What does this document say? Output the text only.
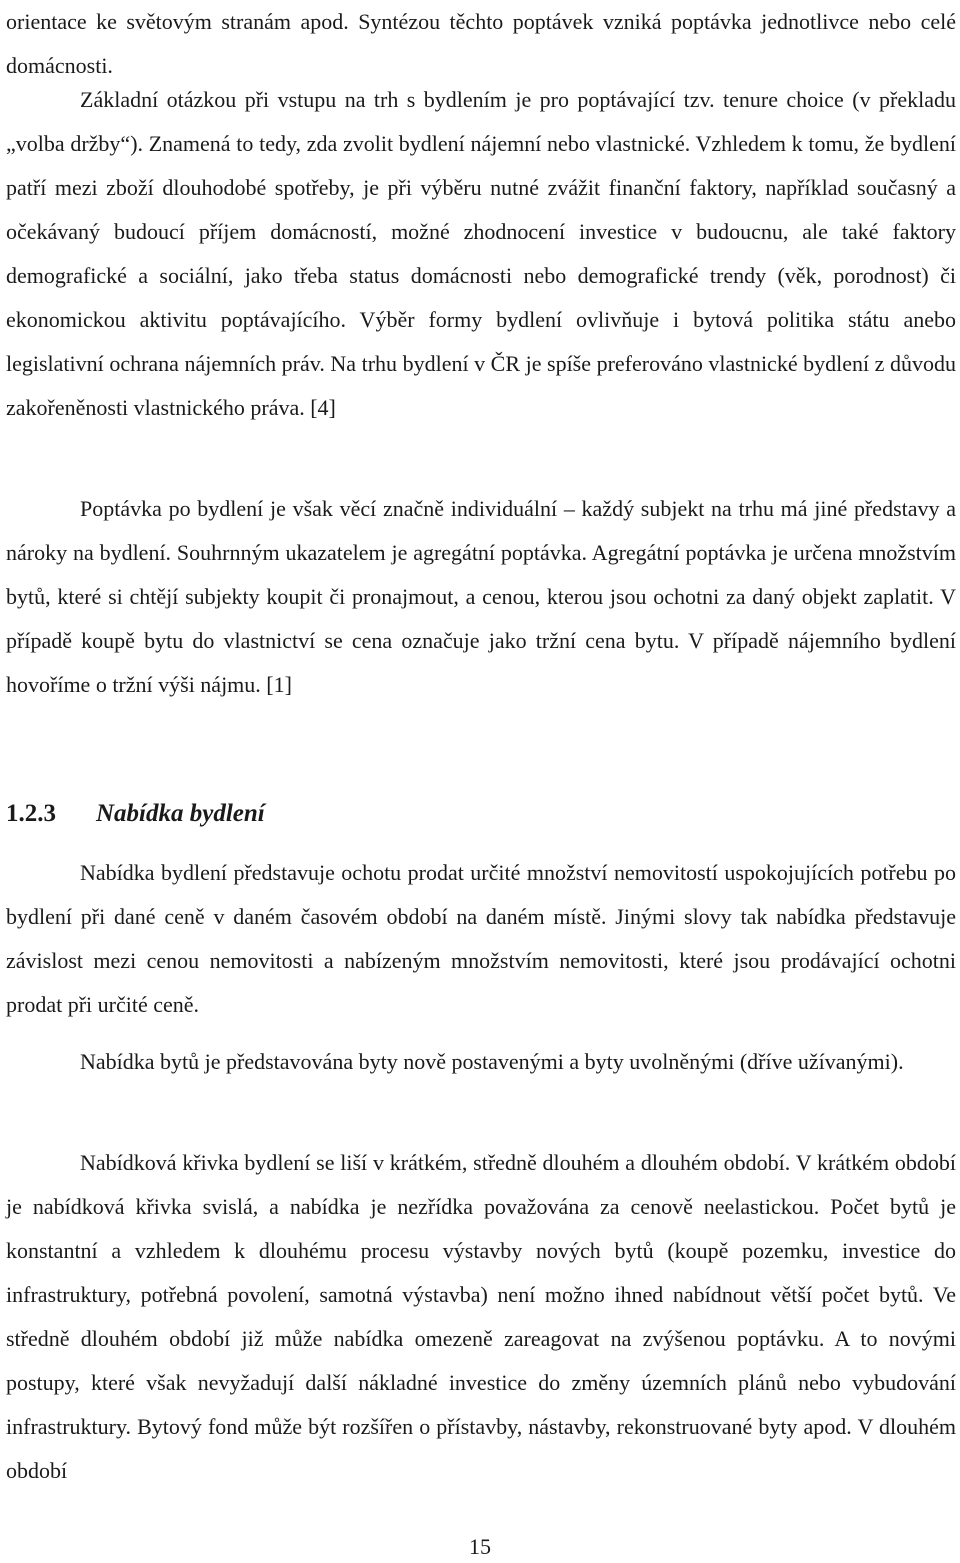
orientace ke světovým stranám apod. Syntézou těchto poptávek vzniká poptávka jednotlivce nebo celé domácnosti.

Základní otázkou při vstupu na trh s bydlením je pro poptávající tzv. tenure choice (v překladu „volba držby“). Znamená to tedy, zda zvolit bydlení nájemní nebo vlastnické. Vzhledem k tomu, že bydlení patří mezi zboží dlouhodobé spotřeby, je při výběru nutné zvážit finanční faktory, například současný a očekávaný budoucí příjem domácností, možné zhodnocení investice v budoucnu, ale také faktory demografické a sociální, jako třeba status domácnosti nebo demografické trendy (věk, porodnost) či ekonomickou aktivitu poptávajícího. Výběr formy bydlení ovlivňuje i bytová politika státu anebo legislativní ochrana nájemních práv. Na trhu bydlení v ČR je spíše preferováno vlastnické bydlení z důvodu zakořeněnosti vlastnického práva. [4]

Poptávka po bydlení je však věcí značně individuální – každý subjekt na trhu má jiné představy a nároky na bydlení. Souhrnným ukazatelem je agregátní poptávka. Agregátní poptávka je určena množstvím bytů, které si chtějí subjekty koupit či pronajmout, a cenou, kterou jsou ochotni za daný objekt zaplatit. V případě koupě bytu do vlastnictví se cena označuje jako tržní cena bytu. V případě nájemního bydlení hovoříme o tržní výši nájmu. [1]

1.2.3 Nabídka bydlení

Nabídka bydlení představuje ochotu prodat určité množství nemovitostí uspokojujících potřebu po bydlení při dané ceně v daném časovém období na daném místě. Jinými slovy tak nabídka představuje závislost mezi cenou nemovitosti a nabízeným množstvím nemovitosti, které jsou prodávající ochotni prodat při určité ceně.

Nabídka bytů je představována byty nově postavenými a byty uvolněnými (dříve užívanými).

Nabídková křivka bydlení se liší v krátkém, středně dlouhém a dlouhém období. V krátkém období je nabídková křivka svislá, a nabídka je nezřídka považována za cenově neelastickou. Počet bytů je konstantní a vzhledem k dlouhému procesu výstavby nových bytů (koupě pozemku, investice do infrastruktury, potřebná povolení, samotná výstavba) není možno ihned nabídnout větší počet bytů. Ve středně dlouhém období již může nabídka omezeně zareagovat na zvýšenou poptávku. A to novými postupy, které však nevyžadují další nákladné investice do změny územních plánů nebo vybudování infrastruktury. Bytový fond může být rozšířen o přístavby, nástavby, rekonstruované byty apod. V dlouhém období

15
